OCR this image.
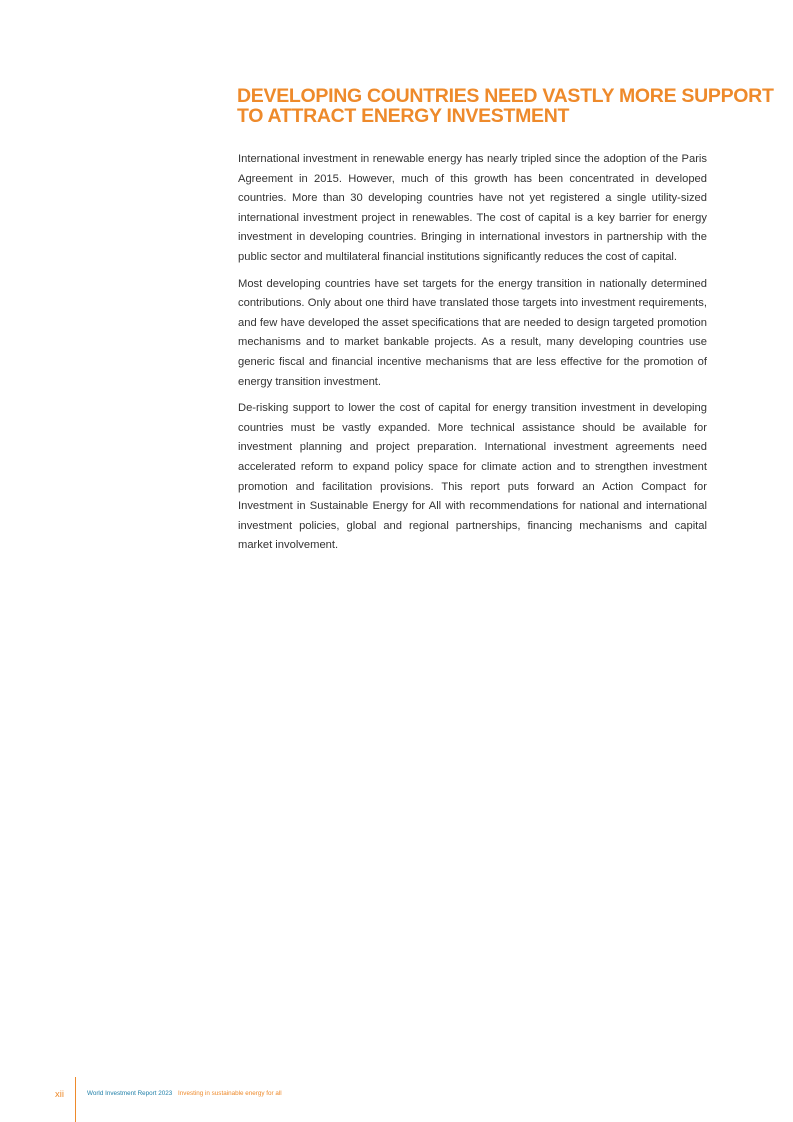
DEVELOPING COUNTRIES NEED VASTLY MORE SUPPORT
TO ATTRACT ENERGY INVESTMENT

International investment in renewable energy has nearly tripled since the adoption of the Paris Agreement in 2015. However, much of this growth has been concentrated in developed countries. More than 30 developing countries have not yet registered a single utility-sized international investment project in renewables. The cost of capital is a key barrier for energy investment in developing countries. Bringing in international investors in partnership with the public sector and multilateral financial institutions significantly reduces the cost of capital.

Most developing countries have set targets for the energy transition in nationally determined contributions. Only about one third have translated those targets into investment requirements, and few have developed the asset specifications that are needed to design targeted promotion mechanisms and to market bankable projects. As a result, many developing countries use generic fiscal and financial incentive mechanisms that are less effective for the promotion of energy transition investment.

De-risking support to lower the cost of capital for energy transition investment in developing countries must be vastly expanded. More technical assistance should be available for investment planning and project preparation. International investment agreements need accelerated reform to expand policy space for climate action and to strengthen investment promotion and facilitation provisions. This report puts forward an Action Compact for Investment in Sustainable Energy for All with recommendations for national and international investment policies, global and regional partnerships, financing mechanisms and capital market involvement.

xii	World Investment Report 2023 Investing in sustainable energy for all
